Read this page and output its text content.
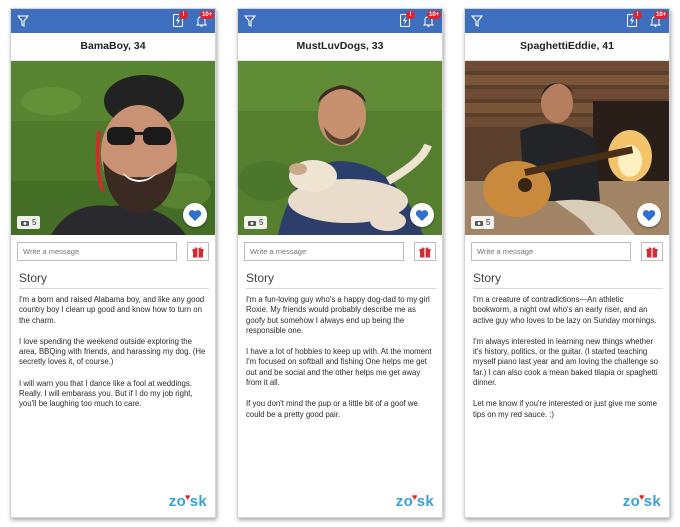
!	10+
BamaBoy, 34
5
Write a message
Story

I'm a born and raised Alabama boy, and like any good country boy I clean up good and know how to turn on the charm.

I love spending the weekend outside exploring the area, BBQing with friends, and harassing my dog. (He secretly loves it, of course.)

I will warn you that I dance like a fool at weddings. Really. I will embarass you. But if I do my job right, you'll be laughing too much to care.

zo ♥ sk
!	10+
MustLuvDogs, 33
5
Write a message
Story

I'm a fun-loving guy who's a happy dog-dad to my girl Roxie. My friends would probably describe me as goofy but somehow I always end up being the responsible one.

I have a lot of hobbies to keep up with. At the moment I'm focused on softball and fishing One helps me get out and be social and the other helps me get away from it all.

If you don't mind the pup or a little bit of a goof we could be a pretty good pair.

zo ♥ sk
!	10+
SpaghettiEddie, 41
5
Write a message
Story

I'm a creature of contradictions—An athletic bookworm, a night owl who's an early riser, and an active guy who loves to be lazy on Sunday mornings.

I'm always interested in learning new things whether it's history, politics, or the guitar. (I started teaching myself piano last year and am loving the challenge so far.) I can also cook a mean baked tilapia or spaghetti dinner.

Let me know if you're interested or just give me some tips on my red sauce. :)

zo ♥ sk
